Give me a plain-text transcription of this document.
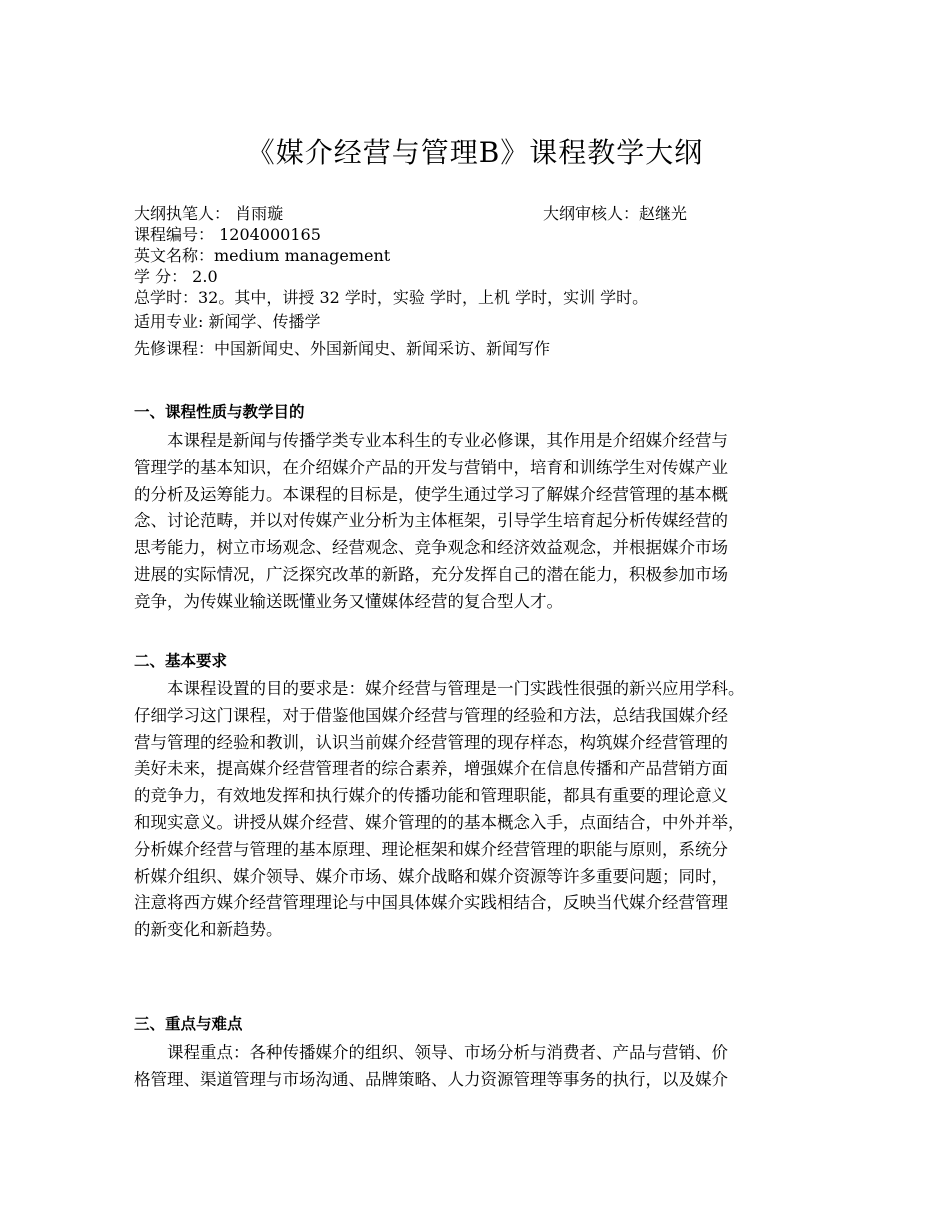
《媒介经营与管理B》课程教学大纲
大纲执笔人： 肖雨璇	大纲审核人：赵继光
课程编号： 1204000165
英文名称：medium management
学 分： 2.0
总学时：32。其中，讲授 32 学时，实验 学时，上机 学时，实训 学时。
适用专业: 新闻学、传播学
先修课程：中国新闻史、外国新闻史、新闻采访、新闻写作
一、课程性质与教学目的
本课程是新闻与传播学类专业本科生的专业必修课，其作用是介绍媒介经营与
管理学的基本知识，在介绍媒介产品的开发与营销中，培育和训练学生对传媒产业
的分析及运筹能力。本课程的目标是，使学生通过学习了解媒介经营管理的基本概
念、讨论范畴，并以对传媒产业分析为主体框架，引导学生培育起分析传媒经营的
思考能力，树立市场观念、经营观念、竞争观念和经济效益观念，并根据媒介市场
进展的实际情况，广泛探究改革的新路，充分发挥自己的潜在能力，积极参加市场
竞争，为传媒业输送既懂业务又懂媒体经营的复合型人才。
二、基本要求
本课程设置的目的要求是：媒介经营与管理是一门实践性很强的新兴应用学科。
仔细学习这门课程，对于借鉴他国媒介经营与管理的经验和方法，总结我国媒介经
营与管理的经验和教训，认识当前媒介经营管理的现存样态，构筑媒介经营管理的
美好未来，提高媒介经营管理者的综合素养，增强媒介在信息传播和产品营销方面
的竞争力，有效地发挥和执行媒介的传播功能和管理职能，都具有重要的理论意义
和现实意义。讲授从媒介经营、媒介管理的的基本概念入手，点面结合，中外并举，
分析媒介经营与管理的基本原理、理论框架和媒介经营管理的职能与原则，系统分
析媒介组织、媒介领导、媒介市场、媒介战略和媒介资源等许多重要问题；同时，
注意将西方媒介经营管理理论与中国具体媒介实践相结合，反映当代媒介经营管理
的新变化和新趋势。
三、重点与难点
课程重点：各种传播媒介的组织、领导、市场分析与消费者、产品与营销、价
格管理、渠道管理与市场沟通、品牌策略、人力资源管理等事务的执行，以及媒介
